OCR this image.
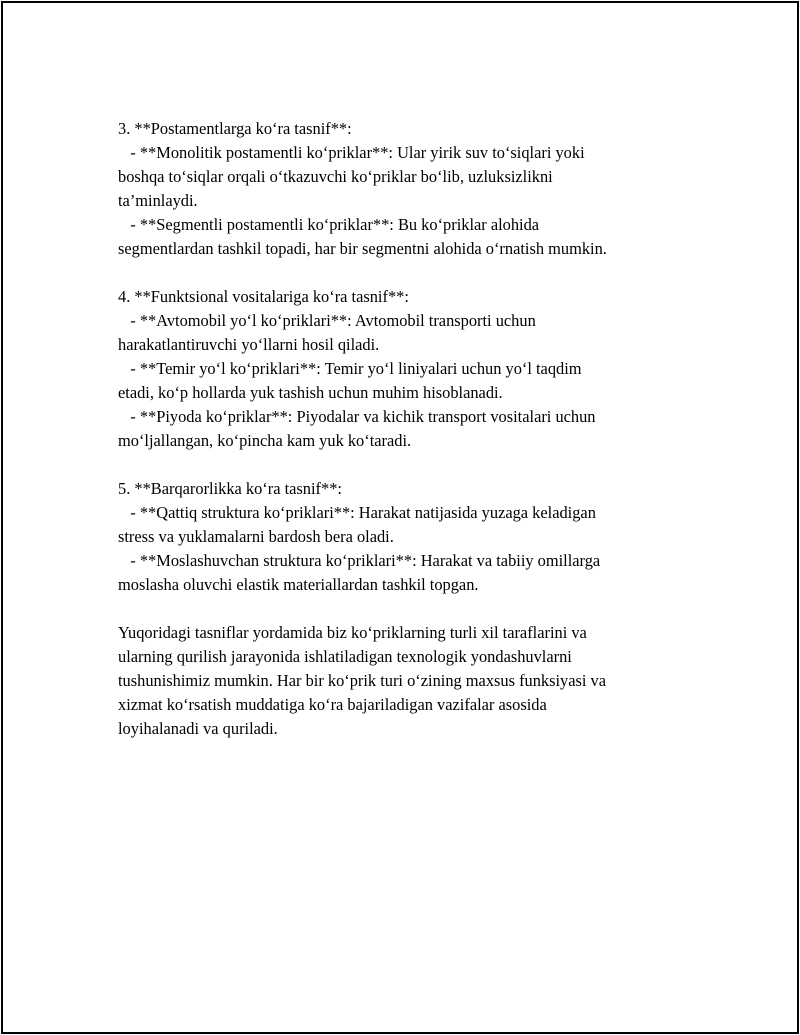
3. **Postamentlarga ko‘ra tasnif**:
- **Monolitik postamentli ko‘priklar**: Ular yirik suv to‘siqlari yoki
boshqa to‘siqlar orqali o‘tkazuvchi ko‘priklar bo‘lib, uzluksizlikni
ta’minlaydi.
- **Segmentli postamentli ko‘priklar**: Bu ko‘priklar alohida
segmentlardan tashkil topadi, har bir segmentni alohida o‘rnatish mumkin.
4. **Funktsional vositalariga ko‘ra tasnif**:
- **Avtomobil yo‘l ko‘priklari**: Avtomobil transporti uchun
harakatlantiruvchi yo‘llarni hosil qiladi.
- **Temir yo‘l ko‘priklari**: Temir yo‘l liniyalari uchun yo‘l taqdim
etadi, ko‘p hollarda yuk tashish uchun muhim hisoblanadi.
- **Piyoda ko‘priklar**: Piyodalar va kichik transport vositalari uchun
mo‘ljallangan, ko‘pincha kam yuk ko‘taradi.
5. **Barqarorlikka ko‘ra tasnif**:
- **Qattiq struktura ko‘priklari**: Harakat natijasida yuzaga keladigan
stress va yuklamalarni bardosh bera oladi.
- **Moslashuvchan struktura ko‘priklari**: Harakat va tabiiy omillarga
moslasha oluvchi elastik materiallardan tashkil topgan.
Yuqoridagi tasniflar yordamida biz ko‘priklarning turli xil taraflarini va
ularning qurilish jarayonida ishlatiladigan texnologik yondashuvlarni
tushunishimiz mumkin. Har bir ko‘prik turi o‘zining maxsus funksiyasi va
xizmat ko‘rsatish muddatiga ko‘ra bajariladigan vazifalar asosida
loyihalanadi va quriladi.
